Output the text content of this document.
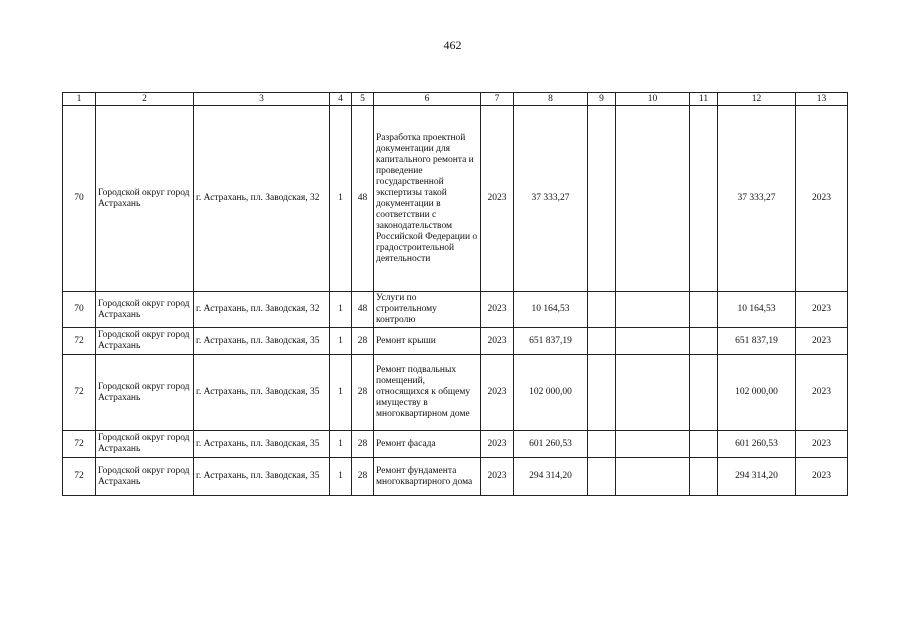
462
1	2	3	4	5	6	7	8	9	10	11	12	13
70	Городской округ город Астрахань	г. Астрахань, пл. Заводская, 32	1	48	Разработка проектной документации для капитального ремонта и проведение государственной экспертизы такой документации в соответствии с законодательством Российской Федерации о градостроительной деятельности	2023	37 333,27				37 333,27	2023
70	Городской округ город Астрахань	г. Астрахань, пл. Заводская, 32	1	48	Услуги по строительному контролю	2023	10 164,53				10 164,53	2023
72	Городской округ город Астрахань	г. Астрахань, пл. Заводская, 35	1	28	Ремонт крыши	2023	651 837,19				651 837,19	2023
72	Городской округ город Астрахань	г. Астрахань, пл. Заводская, 35	1	28	Ремонт подвальных помещений, относящихся к общему имуществу в многоквартирном доме	2023	102 000,00				102 000,00	2023
72	Городской округ город Астрахань	г. Астрахань, пл. Заводская, 35	1	28	Ремонт фасада	2023	601 260,53				601 260,53	2023
72	Городской округ город Астрахань	г. Астрахань, пл. Заводская, 35	1	28	Ремонт фундамента многоквартирного дома	2023	294 314,20				294 314,20	2023
